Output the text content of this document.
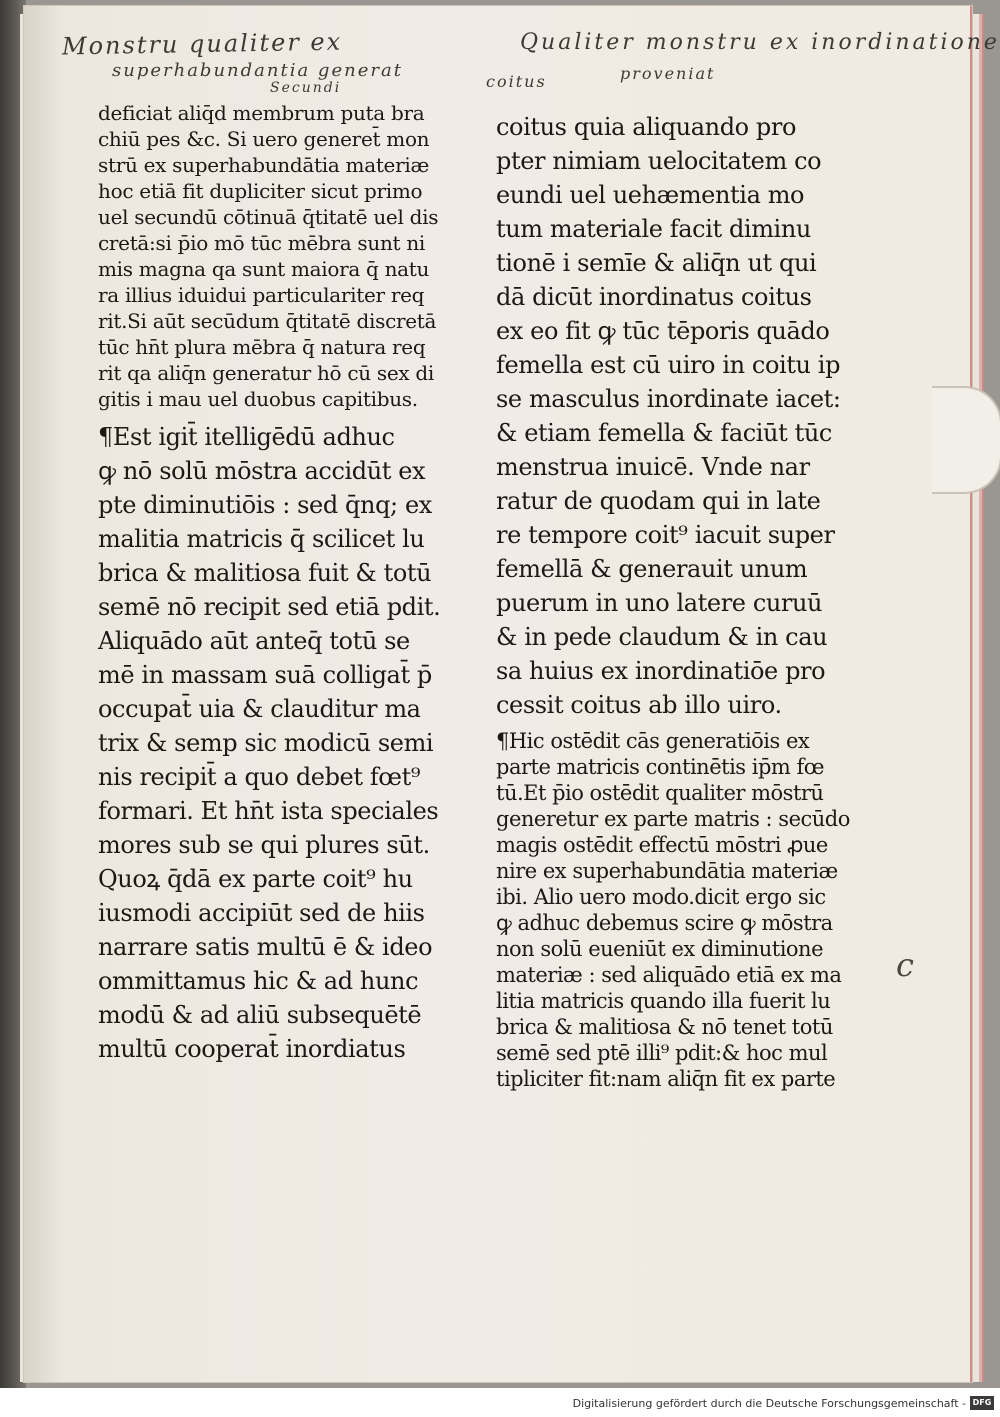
Monstru qualiter ex
superhabundantia generat
Secundi
Qualiter monstru ex inordinatione
coitus	proveniat
c
deficiat aliq̄d membrum puta bra
chiū pes &c. Si uero generet̄ mon
strū ex superhabundātia materiæ
hoc etiā fit dupliciter sicut primo
uel secundū cōtinuā q̄titatē uel dis
cretā:si p̄io mō tūc mēbra sunt ni
mis magna qa sunt maiora q̄ natu
ra illius iduidui particulariter req
rit.Si aūt secūdum q̄titatē discretā
tūc hn̄t plura mēbra q̄ natura req
rit qa aliq̄n generatur hō cū sex di
gitis i mau uel duobus capitibus.
¶Est igit̄ itelligēdū adhuc
ꝙ nō solū mōstra accidūt ex
pte diminutiōis : sed q̄nq; ex
malitia matricis q̄ scilicet lu
brica & malitiosa fuit & totū
semē nō recipit sed etiā pdit.
Aliquādo aūt anteq̄ totū se
mē in massam suā colligat̄ p̄
occupat̄ uia & clauditur ma
trix & semp sic modicū semi
nis recipit̄ a quo debet fœt⁹
formari. Et hn̄t ista speciales
mores sub se qui plures sūt.
Quoꝝ q̄dā ex parte coit⁹ hu
iusmodi accipiūt sed de hiis
narrare satis multū ē & ideo
ommittamus hic & ad hunc
modū & ad aliū subsequētē
multū cooperat̄ inordiatus
coitus quia aliquando pro
pter nimiam uelocitatem co
eundi uel uehæmentia mo
tum materiale facit diminu
tionē i semīe & aliq̄n ut qui
dā dicūt inordinatus coitus
ex eo fit ꝙ tūc tēporis quādo
femella est cū uiro in coitu ip
se masculus inordinate iacet:
& etiam femella & faciūt tūc
menstrua inuicē. Vnde nar
ratur de quodam qui in late
re tempore coit⁹ iacuit super
femellā & generauit unum
puerum in uno latere curuū
& in pede claudum & in cau
sa huius ex inordinatiōe pro
cessit coitus ab illo uiro.
¶Hic ostēdit cās generatiōis ex
parte matricis continētis ip̄m fœ
tū.Et p̄io ostēdit qualiter mōstrū
generetur ex parte matris : secūdo
magis ostēdit effectū mōstri ꝓue
nire ex superhabundātia materiæ
ibi. Alio uero modo.dicit ergo sic
ꝙ adhuc debemus scire ꝙ mōstra
non solū eueniūt ex diminutione
materiæ : sed aliquādo etiā ex ma
litia matricis quando illa fuerit lu
brica & malitiosa & nō tenet totū
semē sed ptē illi⁹ pdit:& hoc mul
tipliciter fit:nam aliq̄n fit ex parte
Digitalisierung gefördert durch die Deutsche Forschungsgemeinschaft - DFG
